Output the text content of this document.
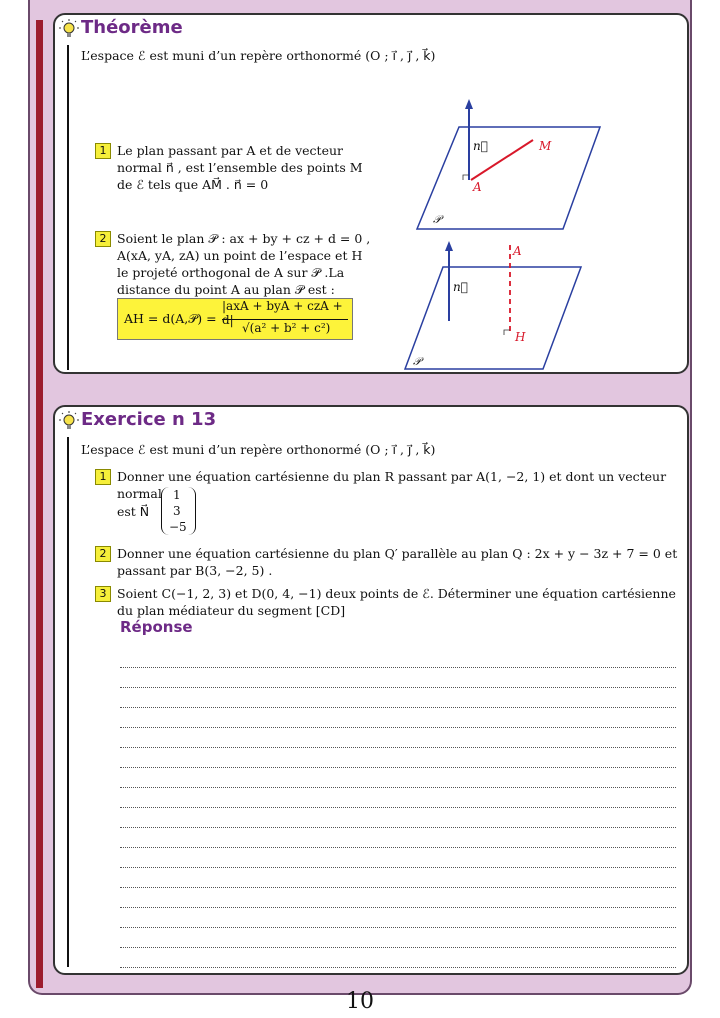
Théorème
L’espace ℰ est muni d’un repère orthonormé (O ; i⃗ , j⃗ , k⃗)
1 Le plan passant par A et de vecteur normal n⃗ , est l’ensemble des points M de ℰ tels que AM⃗ . n⃗ = 0
2 Soient le plan 𝒫 : ax + by + cz + d = 0 , A(xA, yA, zA) un point de l’espace et H le projeté orthogonal de A sur 𝒫 .La distance du point A au plan 𝒫 est :
AH = d(A,𝒫) =
|axA + byA + czA + d|
√(a² + b² + c²)
n⃗	M
A
𝒫
n⃗
A
H
𝒫
Exercice n 13
L’espace ℰ est muni d’un repère orthonormé (O ; i⃗ , j⃗ , k⃗)
1 Donner une équation cartésienne du plan R passant par A(1, −2, 1) et dont un vecteur normal
est N⃗
1
3
−5
2 Donner une équation cartésienne du plan Q′ parallèle au plan Q : 2x + y − 3z + 7 = 0 et passant par B(3, −2, 5) .
3 Soient C(−1, 2, 3) et D(0, 4, −1) deux points de ℰ. Déterminer une équation cartésienne du plan médiateur du segment [CD]
Réponse
10
